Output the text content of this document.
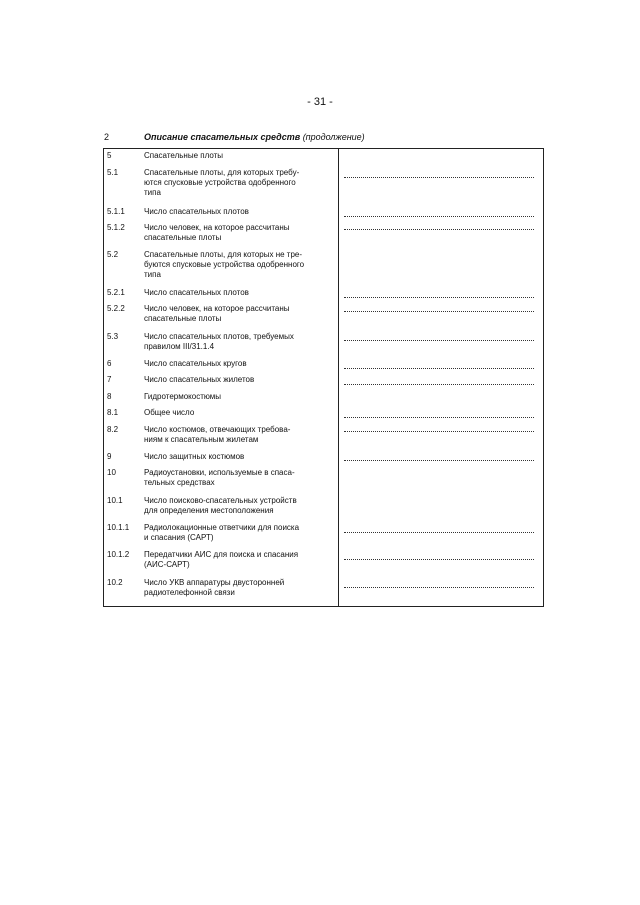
- 31 -
2	Описание спасательных средств (продолжение)
5	Спасательные плоты
5.1	Спасательные плоты, для которых требу-
ются спусковые устройства одобренного
типа
5.1.1	Число спасательных плотов
5.1.2	Число человек, на которое рассчитаны
спасательные плоты
5.2	Спасательные плоты, для которых не тре-
буются спусковые устройства одобренного
типа
5.2.1	Число спасательных плотов
5.2.2	Число человек, на которое рассчитаны
спасательные плоты
5.3	Число спасательных плотов, требуемых
правилом III/31.1.4
6	Число спасательных кругов
7	Число спасательных жилетов
8	Гидротермокостюмы
8.1	Общее число
8.2	Число костюмов, отвечающих требова-
ниям к спасательным жилетам
9	Число защитных костюмов
10	Радиоустановки, используемые в спаса-
тельных средствах
10.1	Число поисково-спасательных устройств
для определения местоположения
10.1.1	Радиолокационные ответчики для поиска
и спасания (САРТ)
10.1.2	Передатчики АИС для поиска и спасания
(АИС-САРТ)
10.2	Число УКВ аппаратуры двусторонней
радиотелефонной связи
